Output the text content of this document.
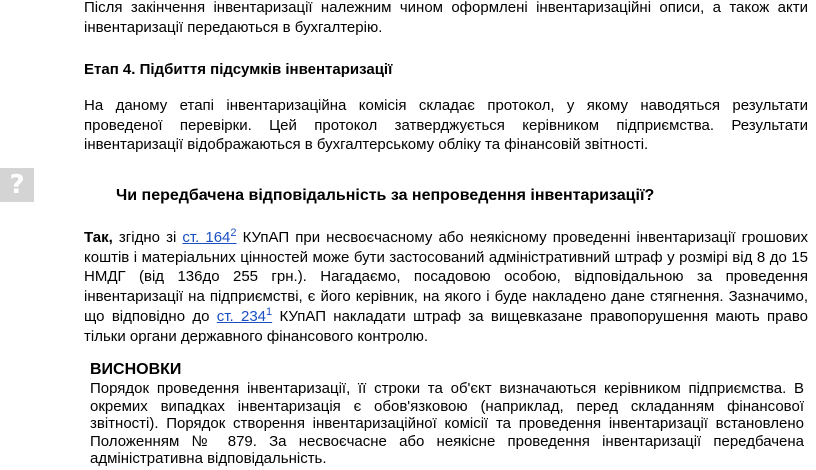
Після закінчення інвентаризації належним чином оформлені інвентаризаційні описи, а також акти інвентаризації передаються в бухгалтерію.

Етап 4. Підбиття підсумків інвентаризації

На даному етапі інвентаризаційна комісія складає протокол, у якому наводяться результати проведеної перевірки. Цей протокол затверджується керівником підприємства. Результати інвентаризації відображаються в бухгалтерському обліку та фінансовій звітності.

?	Чи передбачена відповідальність за непроведення інвентаризації?

Так, згідно зі ст. 164$^2$ КУпАП при несвоєчасному або неякісному проведенні інвентаризації грошових коштів і матеріальних цінностей може бути застосований адміністративний штраф у розмірі від 8 до 15 НМДГ (від 136до 255 грн.). Нагадаємо, посадовою особою, відповідальною за проведення інвентаризації на підприємстві, є його керівник, на якого і буде накладено дане стягнення. Зазначимо, що відповідно до ст. 234$^1$ КУпАП накладати штраф за вищевказане правопорушення мають право тільки органи державного фінансового контролю.

ВИСНОВКИ

Порядок проведення інвентаризації, її строки та об'єкт визначаються керівником підприємства. В окремих випадках інвентаризація є обов'язковою (наприклад, перед складанням фінансової звітності). Порядок створення інвентаризаційної комісії та проведення інвентаризації встановлено Положенням № 879. За несвоєчасне або неякісне проведення інвентаризації передбачена адміністративна відповідальність.
